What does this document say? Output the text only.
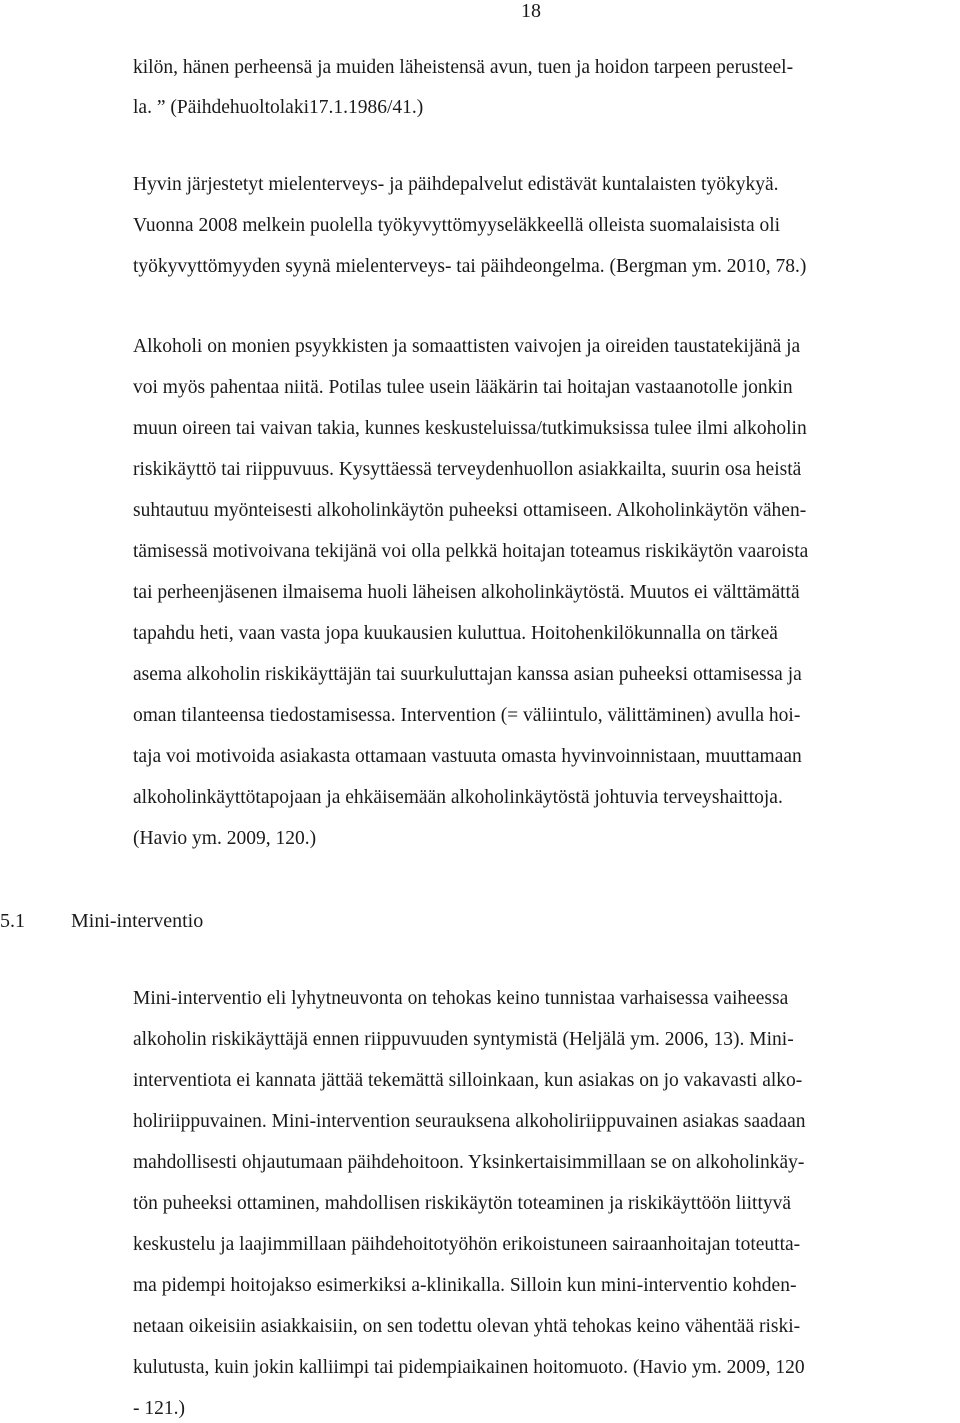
18
kilön, hänen perheensä ja muiden läheistensä avun, tuen ja hoidon tarpeen perusteel-
la. ” (Päihdehuoltolaki17.1.1986/41.)
Hyvin järjestetyt mielenterveys- ja päihdepalvelut edistävät kuntalaisten työkykyä.
Vuonna 2008 melkein puolella työkyvyttömyyseläkkeellä olleista suomalaisista oli
työkyvyttömyyden syynä mielenterveys- tai päihdeongelma. (Bergman ym. 2010, 78.)
Alkoholi on monien psyykkisten ja somaattisten vaivojen ja oireiden taustatekijänä ja
voi myös pahentaa niitä. Potilas tulee usein lääkärin tai hoitajan vastaanotolle jonkin
muun oireen tai vaivan takia, kunnes keskusteluissa/tutkimuksissa tulee ilmi alkoholin
riskikäyttö tai riippuvuus. Kysyttäessä terveydenhuollon asiakkailta, suurin osa heistä
suhtautuu myönteisesti alkoholinkäytön puheeksi ottamiseen. Alkoholinkäytön vähen-
tämisessä motivoivana tekijänä voi olla pelkkä hoitajan toteamus riskikäytön vaaroista
tai perheenjäsenen ilmaisema huoli läheisen alkoholinkäytöstä. Muutos ei välttämättä
tapahdu heti, vaan vasta jopa kuukausien kuluttua. Hoitohenkilökunnalla on tärkeä
asema alkoholin riskikäyttäjän tai suurkuluttajan kanssa asian puheeksi ottamisessa ja
oman tilanteensa tiedostamisessa. Intervention (= väliintulo, välittäminen) avulla hoi-
taja voi motivoida asiakasta ottamaan vastuuta omasta hyvinvoinnistaan, muuttamaan
alkoholinkäyttötapojaan ja ehkäisemään alkoholinkäytöstä johtuvia terveyshaittoja.
(Havio ym. 2009, 120.)
5.1 Mini-interventio
Mini-interventio eli lyhytneuvonta on tehokas keino tunnistaa varhaisessa vaiheessa
alkoholin riskikäyttäjä ennen riippuvuuden syntymistä (Heljälä ym. 2006, 13). Mini-
interventiota ei kannata jättää tekemättä silloinkaan, kun asiakas on jo vakavasti alko-
holiriippuvainen. Mini-intervention seurauksena alkoholiriippuvainen asiakas saadaan
mahdollisesti ohjautumaan päihdehoitoon. Yksinkertaisimmillaan se on alkoholinkäy-
tön puheeksi ottaminen, mahdollisen riskikäytön toteaminen ja riskikäyttöön liittyvä
keskustelu ja laajimmillaan päihdehoitotyöhön erikoistuneen sairaanhoitajan toteutta-
ma pidempi hoitojakso esimerkiksi a-klinikalla. Silloin kun mini-interventio kohden-
netaan oikeisiin asiakkaisiin, on sen todettu olevan yhtä tehokas keino vähentää riski-
kulutusta, kuin jokin kalliimpi tai pidempiaikainen hoitomuoto. (Havio ym. 2009, 120
- 121.)
